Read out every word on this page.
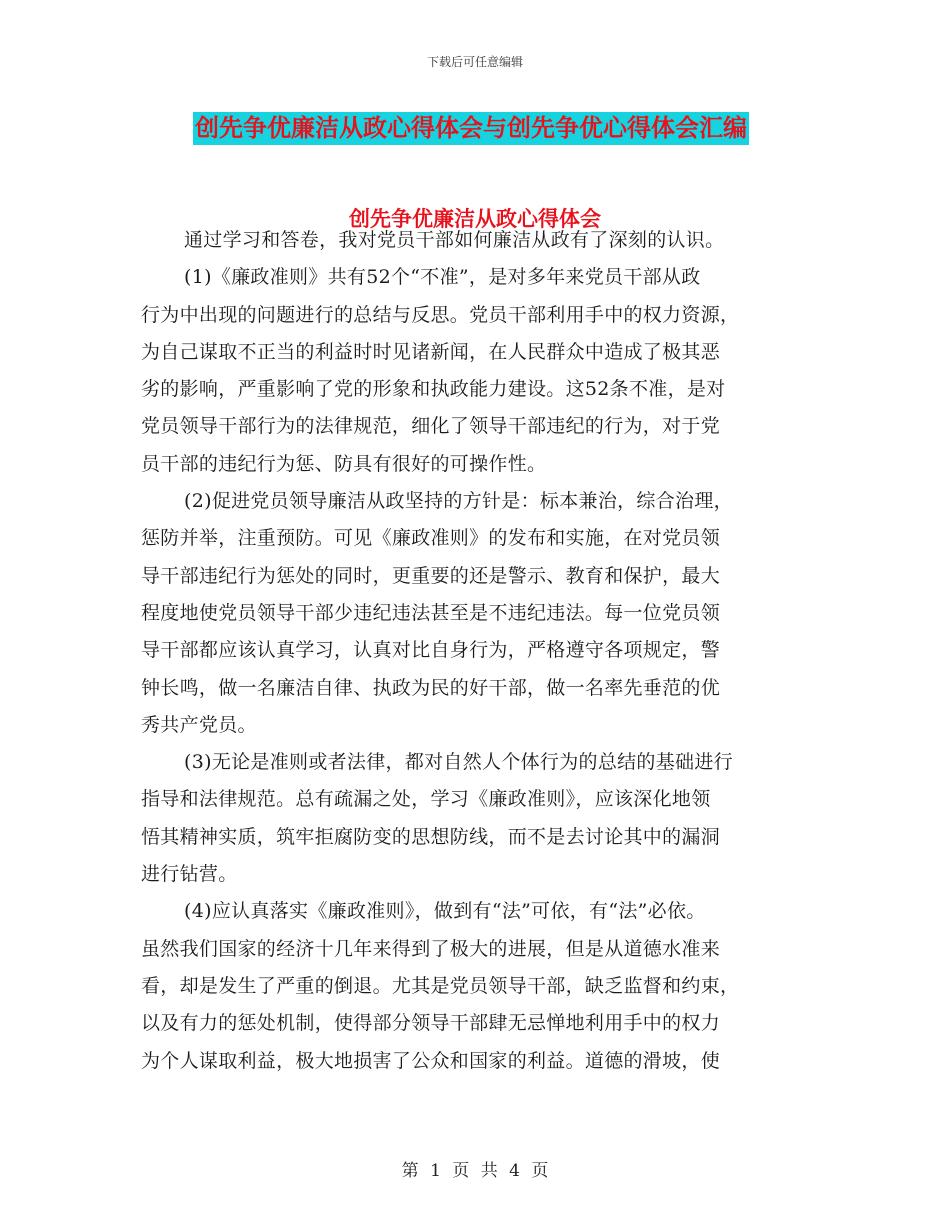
下载后可任意编辑
创先争优廉洁从政心得体会与创先争优心得体会汇编
创先争优廉洁从政心得体会
通过学习和答卷，我对党员干部如何廉洁从政有了深刻的认识。
(1)《廉政准则》共有52个“不准”，是对多年来党员干部从政
行为中出现的问题进行的总结与反思。党员干部利用手中的权力资源，
为自己谋取不正当的利益时时见诸新闻，在人民群众中造成了极其恶
劣的影响，严重影响了党的形象和执政能力建设。这52条不准，是对
党员领导干部行为的法律规范，细化了领导干部违纪的行为，对于党
员干部的违纪行为惩、防具有很好的可操作性。
(2)促进党员领导廉洁从政坚持的方针是：标本兼治，综合治理，
惩防并举，注重预防。可见《廉政准则》的发布和实施，在对党员领
导干部违纪行为惩处的同时，更重要的还是警示、教育和保护，最大
程度地使党员领导干部少违纪违法甚至是不违纪违法。每一位党员领
导干部都应该认真学习，认真对比自身行为，严格遵守各项规定，警
钟长鸣，做一名廉洁自律、执政为民的好干部，做一名率先垂范的优
秀共产党员。
(3)无论是准则或者法律，都对自然人个体行为的总结的基础进行
指导和法律规范。总有疏漏之处，学习《廉政准则》，应该深化地领
悟其精神实质，筑牢拒腐防变的思想防线，而不是去讨论其中的漏洞
进行钻营。
(4)应认真落实《廉政准则》，做到有“法”可依，有“法”必依。
虽然我们国家的经济十几年来得到了极大的进展，但是从道德水准来
看，却是发生了严重的倒退。尤其是党员领导干部，缺乏监督和约束，
以及有力的惩处机制，使得部分领导干部肆无忌惮地利用手中的权力
为个人谋取利益，极大地损害了公众和国家的利益。道德的滑坡，使
第 1 页 共 4 页
